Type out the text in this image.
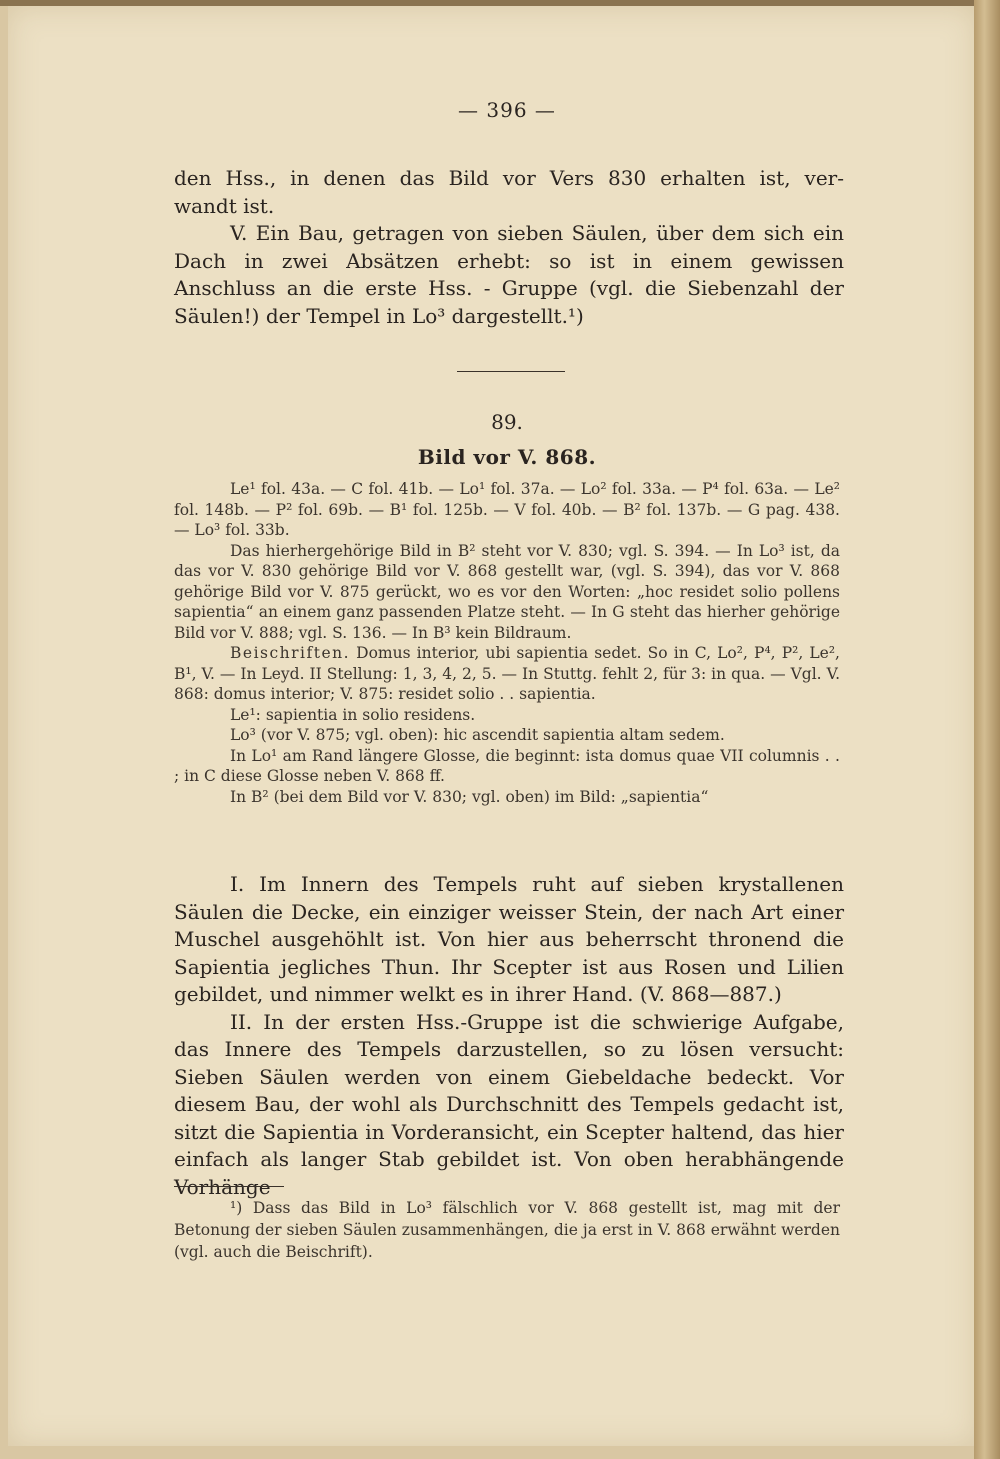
— 396 —

den Hss., in denen das Bild vor Vers 830 erhalten ist, ver-

wandt ist.

V. Ein Bau, getragen von sieben Säulen, über dem sich ein Dach in zwei Absätzen erhebt: so ist in einem gewissen Anschluss an die erste Hss. - Gruppe (vgl. die Siebenzahl der Säulen!) der Tempel in Lo³ dargestellt.¹)

89.
Bild vor V. 868.

Le¹ fol. 43a. — C fol. 41b. — Lo¹ fol. 37a. — Lo² fol. 33a. — P⁴ fol. 63a. — Le² fol. 148b. — P² fol. 69b. — B¹ fol. 125b. — V fol. 40b. — B² fol. 137b. — G pag. 438. — Lo³ fol. 33b.

Das hierhergehörige Bild in B² steht vor V. 830; vgl. S. 394. — In Lo³ ist, da das vor V. 830 gehörige Bild vor V. 868 gestellt war, (vgl. S. 394), das vor V. 868 gehörige Bild vor V. 875 gerückt, wo es vor den Worten: „hoc residet solio pollens sapientia“ an einem ganz passenden Platze steht. — In G steht das hierher gehörige Bild vor V. 888; vgl. S. 136. — In B³ kein Bildraum.

Beischriften. Domus interior, ubi sapientia sedet. So in C, Lo², P⁴, P², Le², B¹, V. — In Leyd. II Stellung: 1, 3, 4, 2, 5. — In Stuttg. fehlt 2, für 3: in qua. — Vgl. V. 868: domus interior; V. 875: residet solio . . sapientia.

Le¹: sapientia in solio residens.

Lo³ (vor V. 875; vgl. oben): hic ascendit sapientia altam sedem.

In Lo¹ am Rand längere Glosse, die beginnt: ista domus quae VII columnis . . ; in C diese Glosse neben V. 868 ff.

In B² (bei dem Bild vor V. 830; vgl. oben) im Bild: „sapientia“

I. Im Innern des Tempels ruht auf sieben krystallenen Säulen die Decke, ein einziger weisser Stein, der nach Art einer Muschel ausgehöhlt ist. Von hier aus beherrscht thronend die Sapientia jegliches Thun. Ihr Scepter ist aus Rosen und Lilien gebildet, und nimmer welkt es in ihrer Hand. (V. 868—887.)

II. In der ersten Hss.-Gruppe ist die schwierige Aufgabe, das Innere des Tempels darzustellen, so zu lösen versucht: Sieben Säulen werden von einem Giebeldache bedeckt. Vor diesem Bau, der wohl als Durchschnitt des Tempels gedacht ist, sitzt die Sapientia in Vorderansicht, ein Scepter haltend, das hier einfach als langer Stab gebildet ist. Von oben herabhängende Vorhänge

¹) Dass das Bild in Lo³ fälschlich vor V. 868 gestellt ist, mag mit der Betonung der sieben Säulen zusammenhängen, die ja erst in V. 868 erwähnt werden (vgl. auch die Beischrift).
